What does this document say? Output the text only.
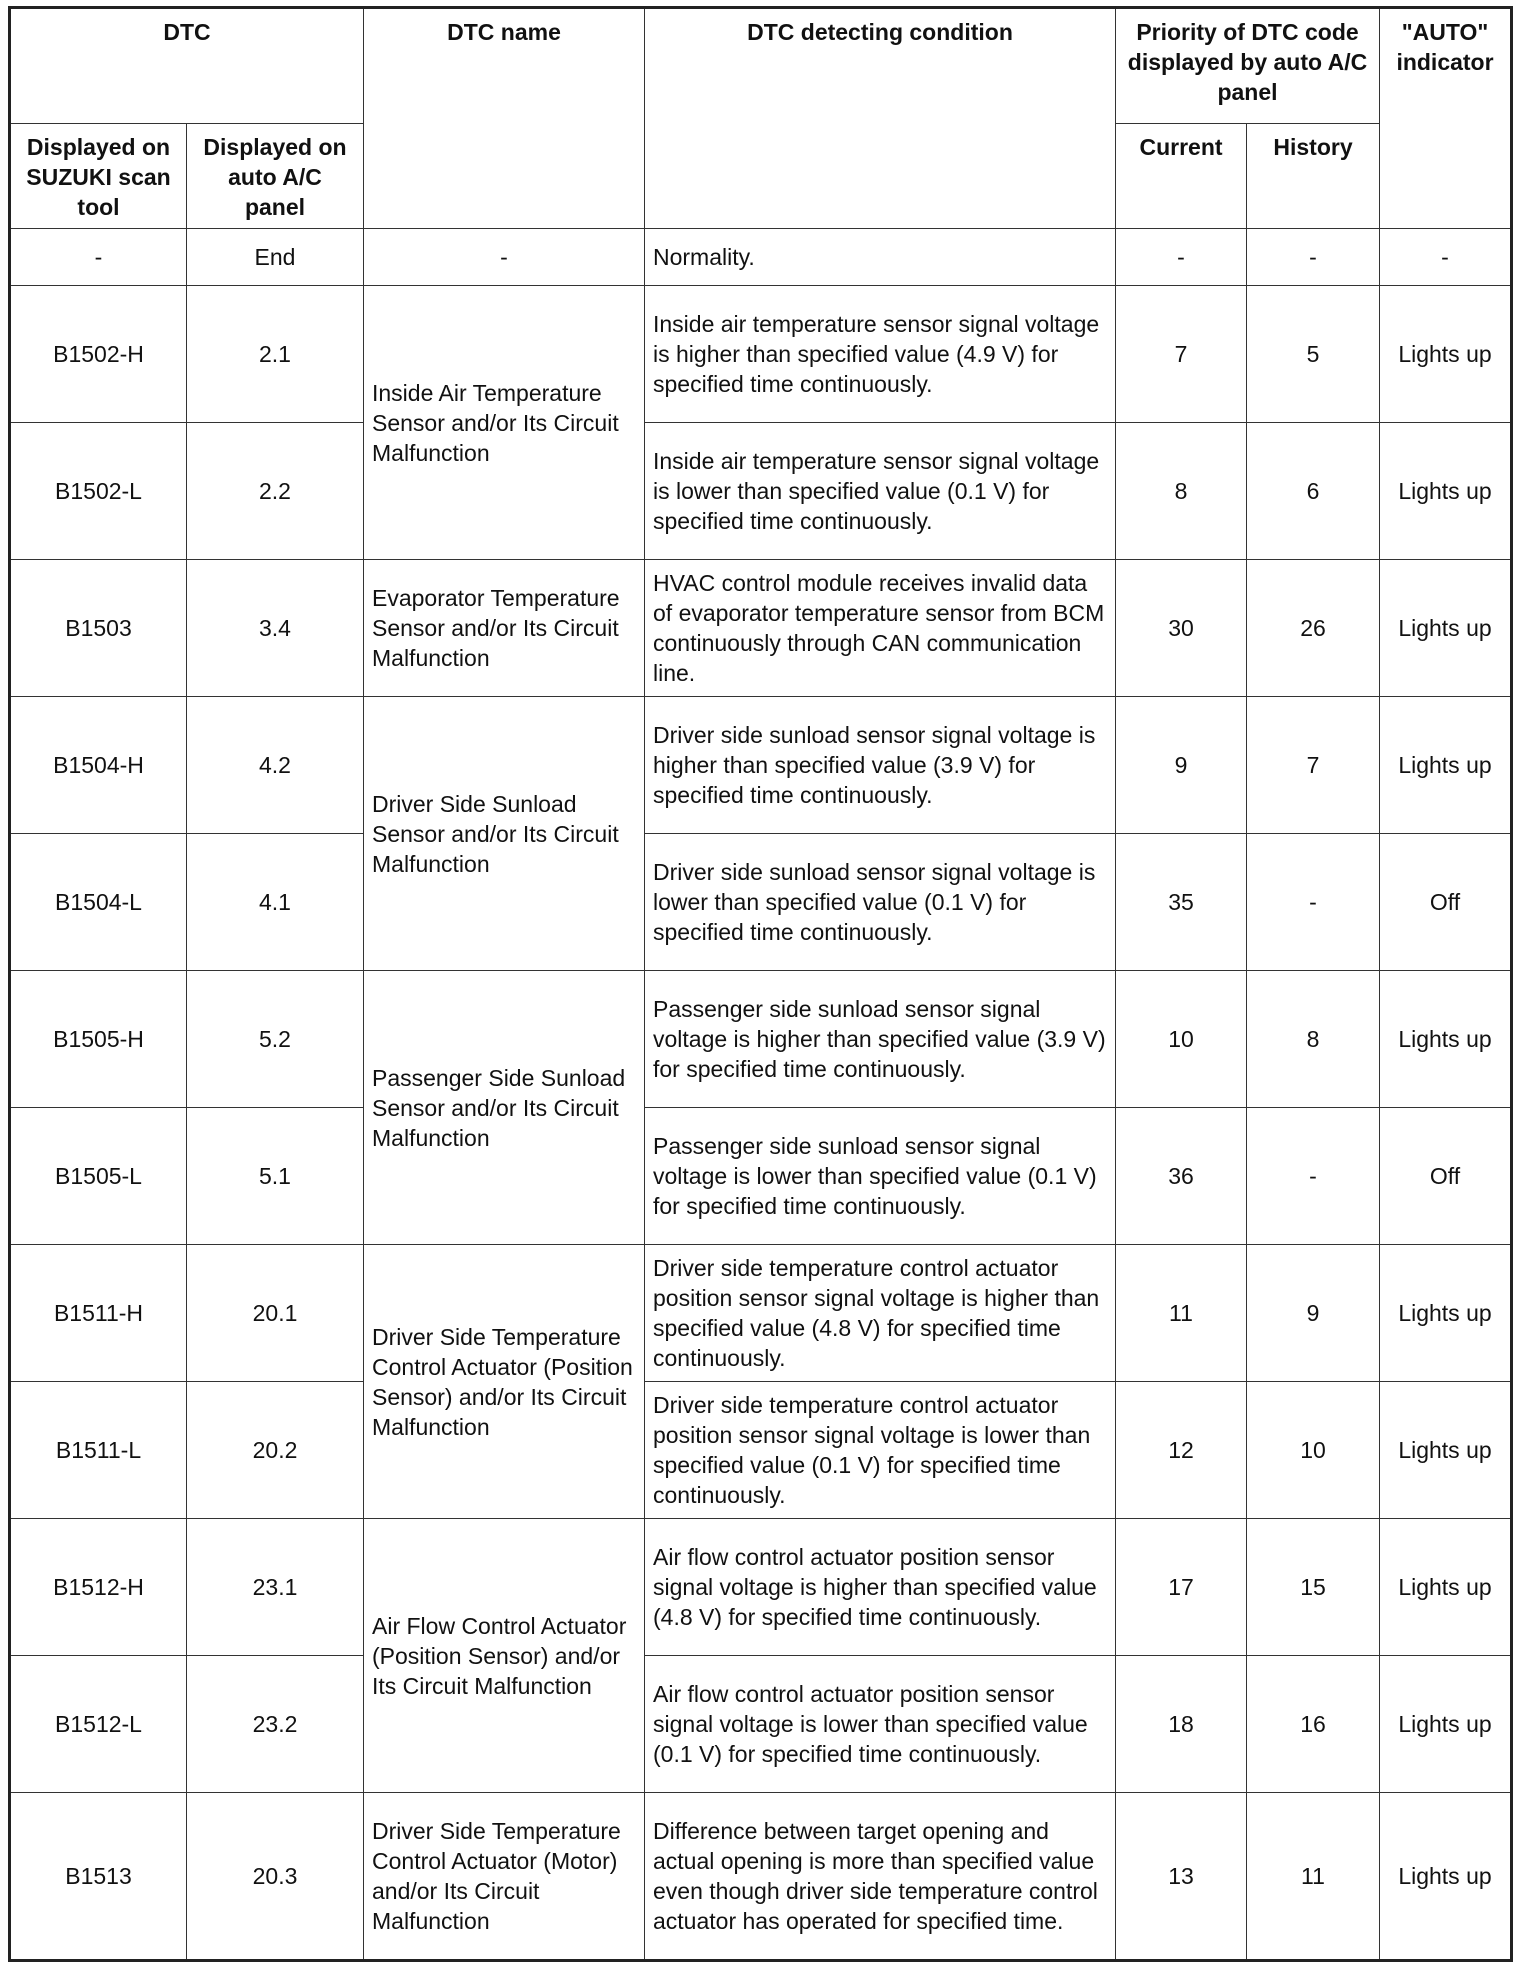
DTC		DTC name	DTC detecting condition	Priority of DTC code displayed by auto A/C panel		"AUTO" indicator
Displayed on SUZUKI scan tool	Displayed on auto A/C panel			Current	History	
-	End	-	Normality.	-	-	-
B1502-H	2.1	Inside Air Temperature Sensor and/or Its Circuit Malfunction	Inside air temperature sensor signal voltage is higher than specified value (4.9 V) for specified time continuously.	7	5	Lights up
B1502-L	2.2		Inside air temperature sensor signal voltage is lower than specified value (0.1 V) for specified time continuously.	8	6	Lights up
B1503	3.4	Evaporator Temperature Sensor and/or Its Circuit Malfunction	HVAC control module receives invalid data of evaporator temperature sensor from BCM continuously through CAN communication line.	30	26	Lights up
B1504-H	4.2	Driver Side Sunload Sensor and/or Its Circuit Malfunction	Driver side sunload sensor signal voltage is higher than specified value (3.9 V) for specified time continuously.	9	7	Lights up
B1504-L	4.1		Driver side sunload sensor signal voltage is lower than specified value (0.1 V) for specified time continuously.	35	-	Off
B1505-H	5.2	Passenger Side Sunload Sensor and/or Its Circuit Malfunction	Passenger side sunload sensor signal voltage is higher than specified value (3.9 V) for specified time continuously.	10	8	Lights up
B1505-L	5.1		Passenger side sunload sensor signal voltage is lower than specified value (0.1 V) for specified time continuously.	36	-	Off
B1511-H	20.1	Driver Side Temperature Control Actuator (Position Sensor) and/or Its Circuit Malfunction	Driver side temperature control actuator position sensor signal voltage is higher than specified value (4.8 V) for specified time continuously.	11	9	Lights up
B1511-L	20.2		Driver side temperature control actuator position sensor signal voltage is lower than specified value (0.1 V) for specified time continuously.	12	10	Lights up
B1512-H	23.1	Air Flow Control Actuator (Position Sensor) and/or Its Circuit Malfunction	Air flow control actuator position sensor signal voltage is higher than specified value (4.8 V) for specified time continuously.	17	15	Lights up
B1512-L	23.2		Air flow control actuator position sensor signal voltage is lower than specified value (0.1 V) for specified time continuously.	18	16	Lights up
B1513	20.3	Driver Side Temperature Control Actuator (Motor) and/or Its Circuit Malfunction	Difference between target opening and actual opening is more than specified value even though driver side temperature control actuator has operated for specified time.	13	11	Lights up
